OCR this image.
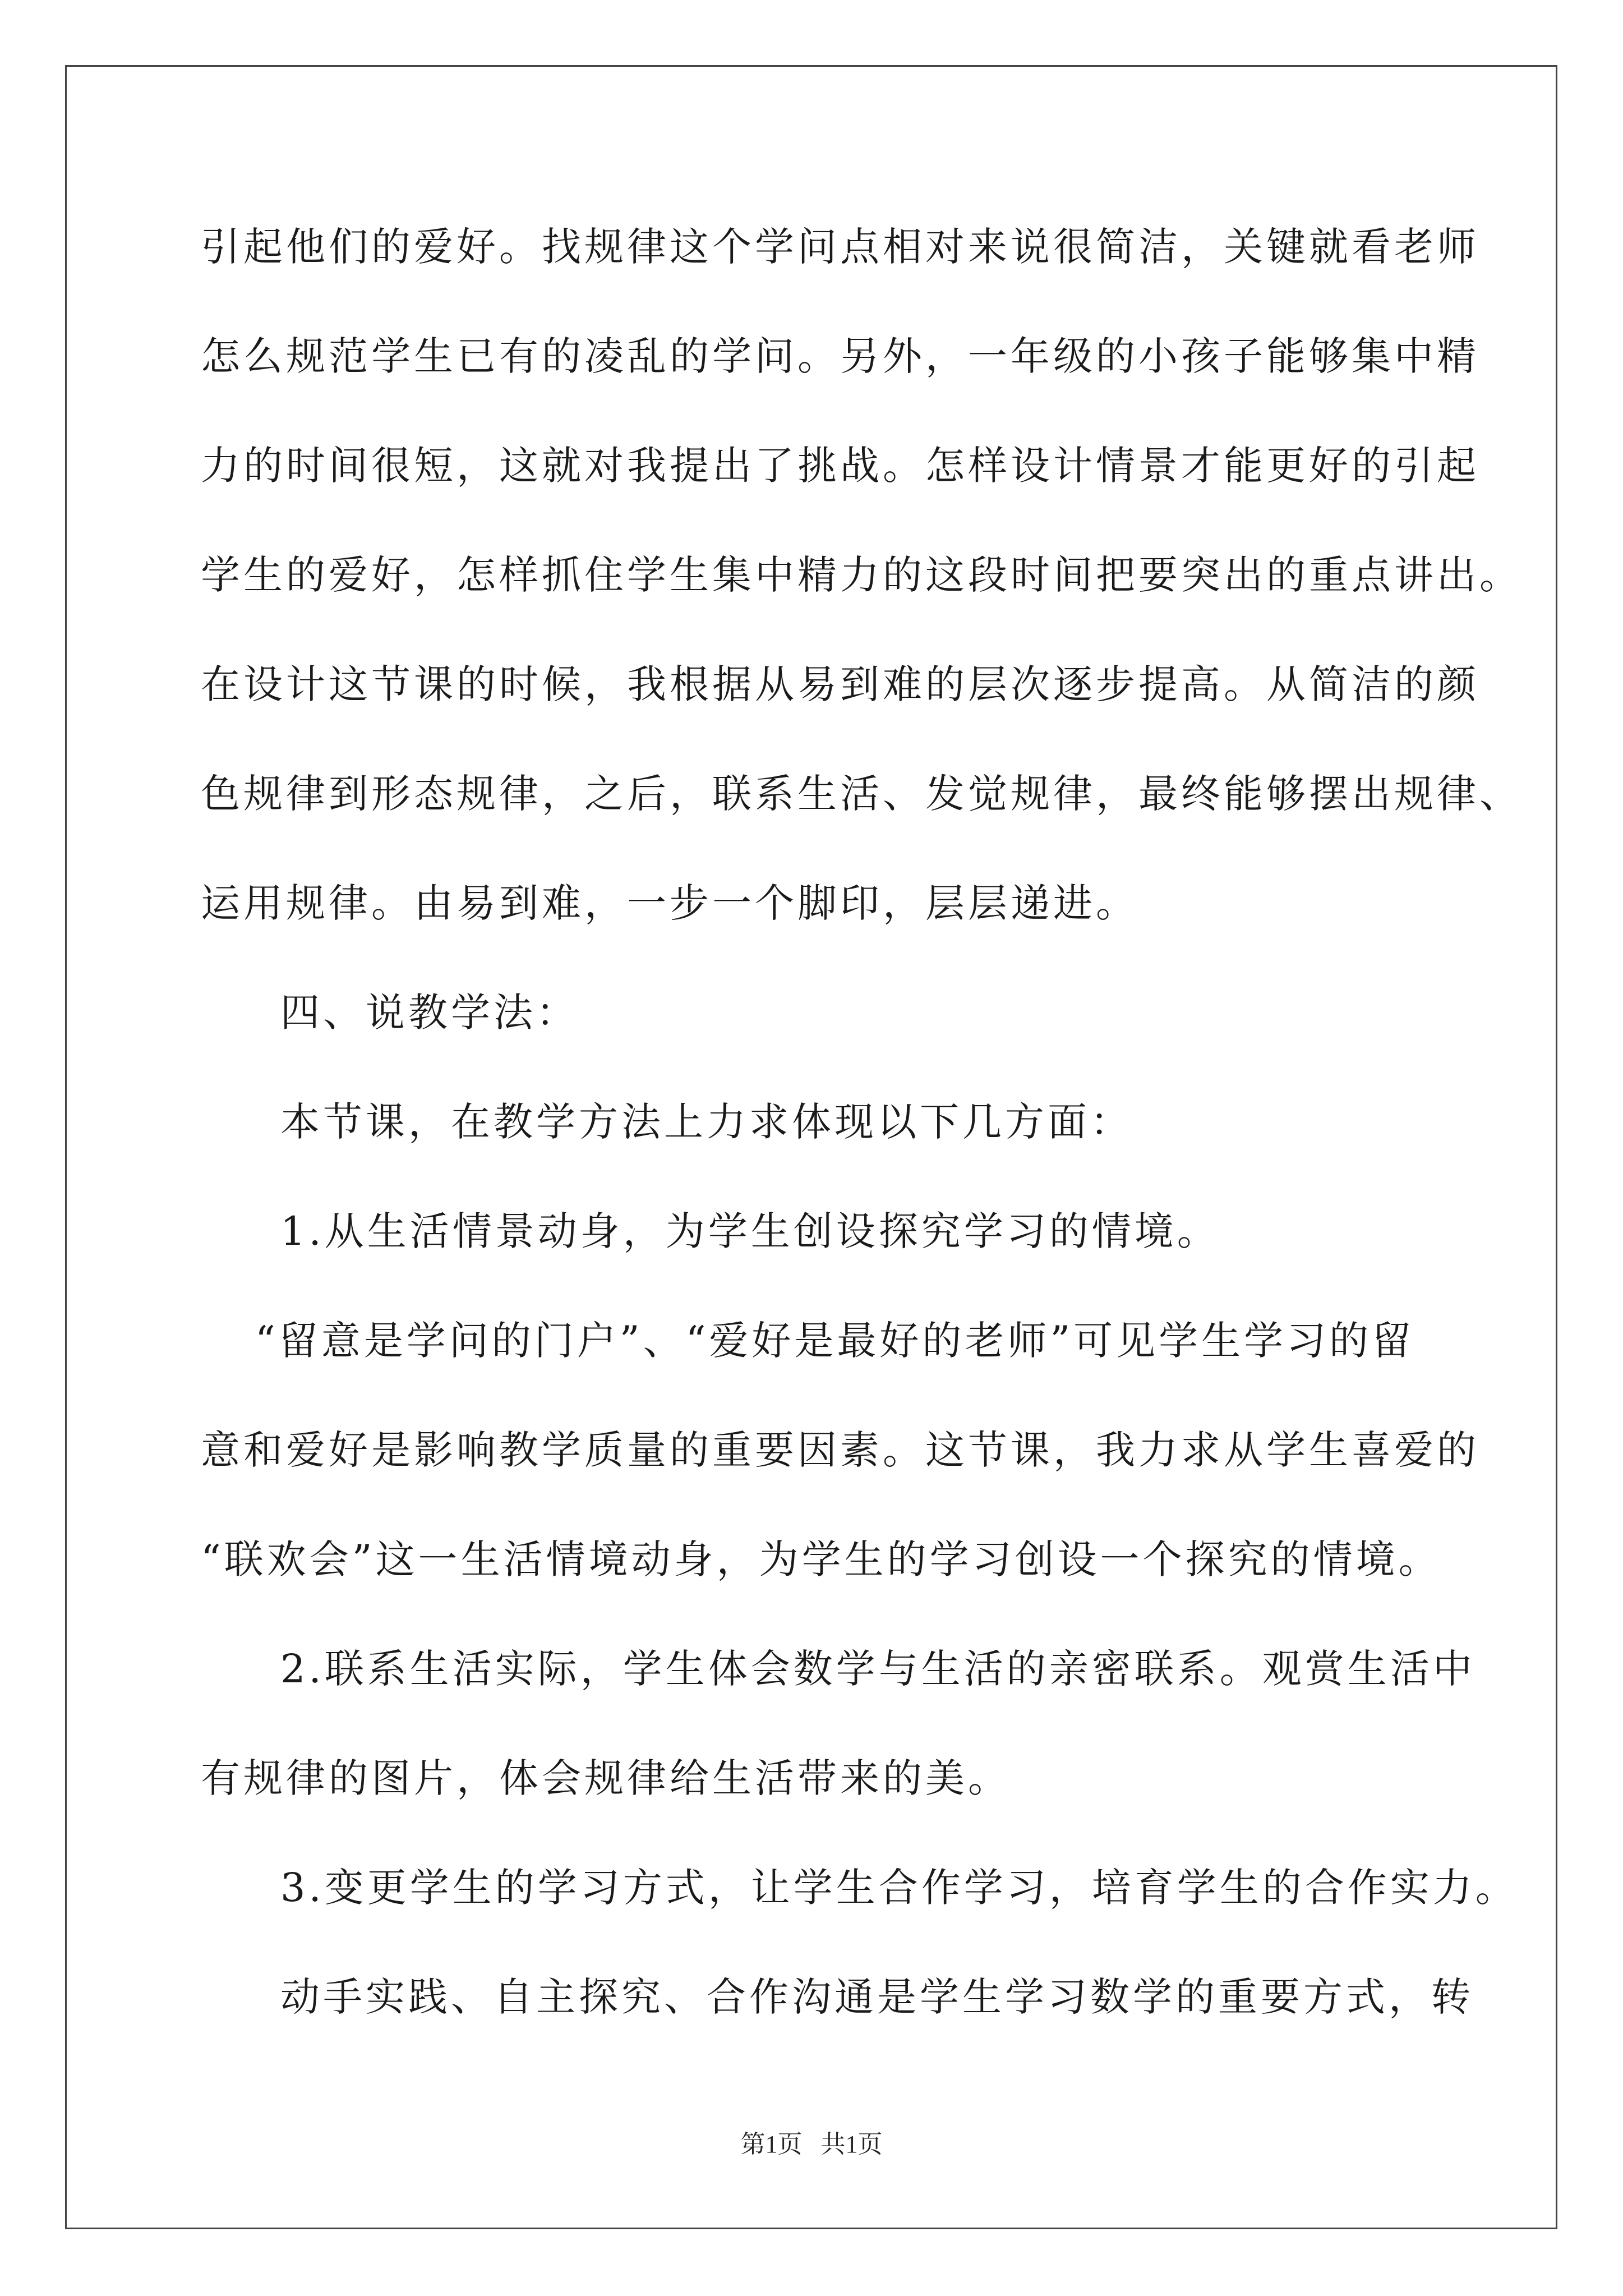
引起他们的爱好。找规律这个学问点相对来说很简洁，关键就看老师
怎么规范学生已有的凌乱的学问。另外，一年级的小孩子能够集中精
力的时间很短，这就对我提出了挑战。怎样设计情景才能更好的引起
学生的爱好，怎样抓住学生集中精力的这段时间把要突出的重点讲出。
在设计这节课的时候，我根据从易到难的层次逐步提高。从简洁的颜
色规律到形态规律，之后，联系生活、发觉规律，最终能够摆出规律、
运用规律。由易到难，一步一个脚印，层层递进。
四、说教学法：
本节课，在教学方法上力求体现以下几方面：
1.从生活情景动身，为学生创设探究学习的情境。
“留意是学问的门户”、“爱好是最好的老师”可见学生学习的留
意和爱好是影响教学质量的重要因素。这节课，我力求从学生喜爱的
“联欢会”这一生活情境动身，为学生的学习创设一个探究的情境。
2.联系生活实际，学生体会数学与生活的亲密联系。观赏生活中
有规律的图片，体会规律给生活带来的美。
3.变更学生的学习方式，让学生合作学习，培育学生的合作实力。
动手实践、自主探究、合作沟通是学生学习数学的重要方式，转
第1页   共1页
